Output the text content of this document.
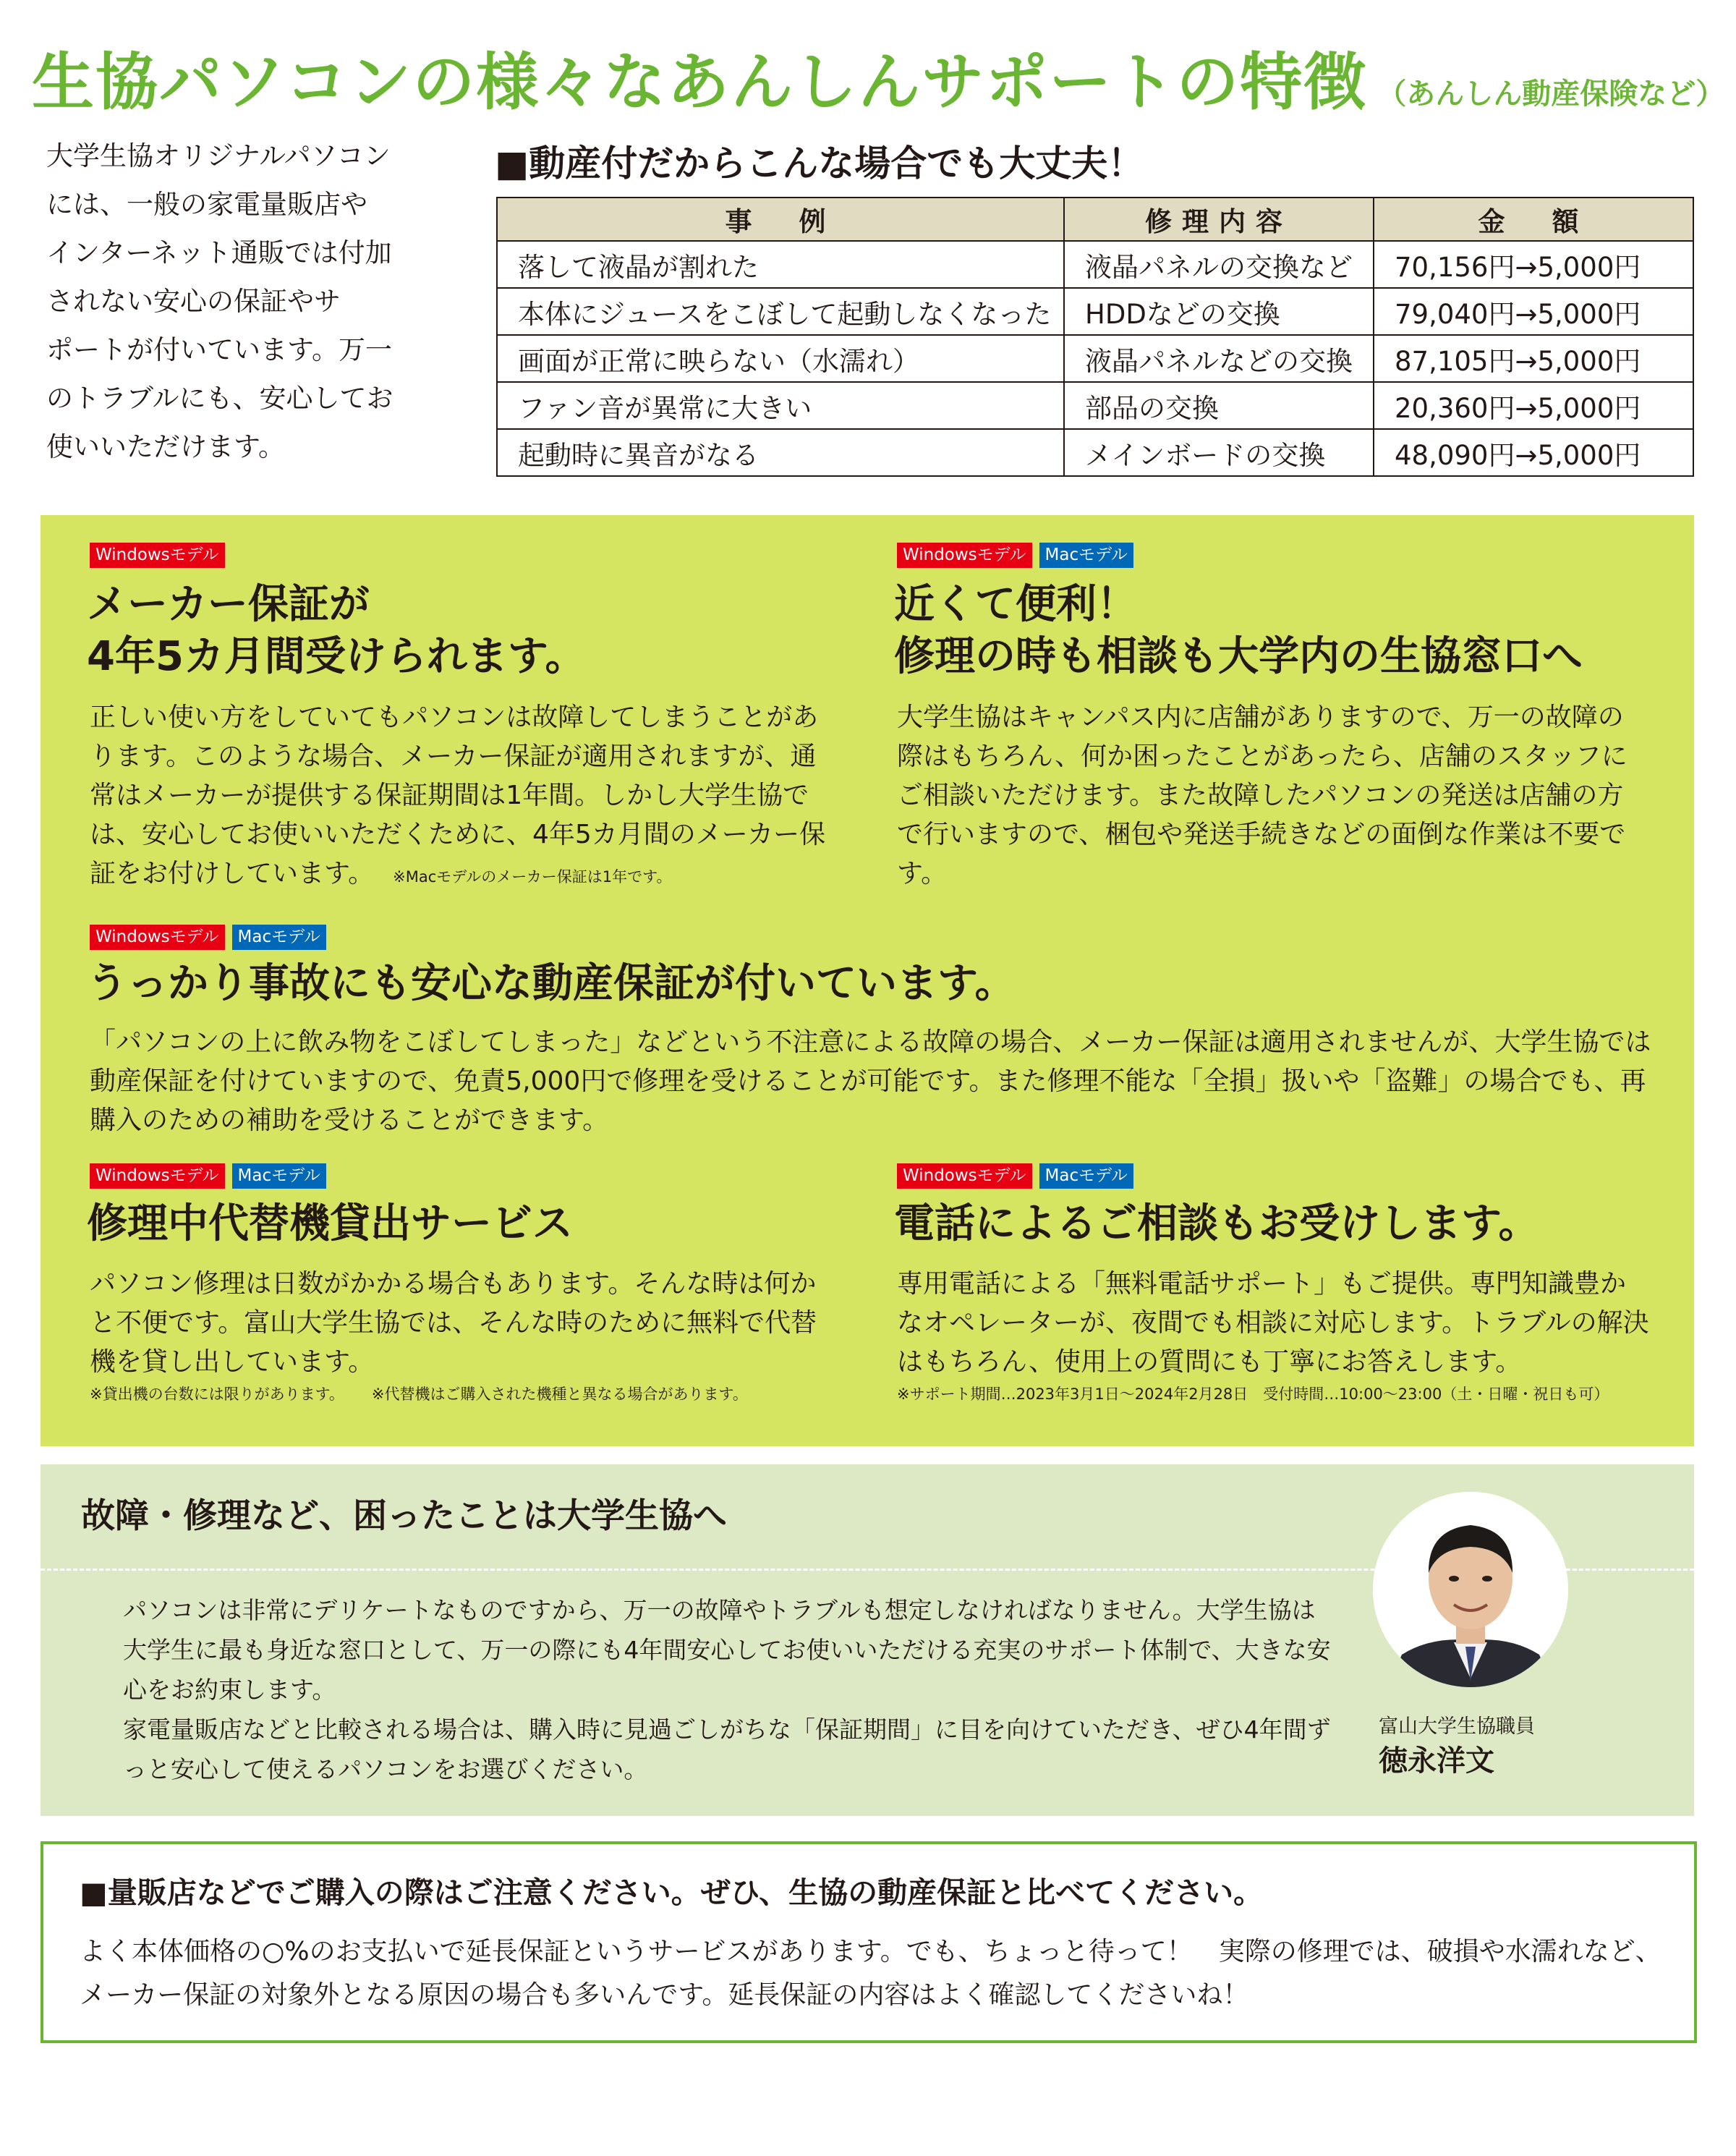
生協パソコンの様々なあんしんサポートの特徴 （あんしん動産保険など）
大学生協オリジナルパソコン
には、一般の家電量販店や
インターネット通販では付加
されない安心の保証やサ
ポートが付いています。万一
のトラブルにも、安心してお
使いいただけます。
■動産付だからこんな場合でも大丈夫！
事　例	修理内容	金　額
落して液晶が割れた	液晶パネルの交換など	70,156円→5,000円
本体にジュースをこぼして起動しなくなった	HDDなどの交換	79,040円→5,000円
画面が正常に映らない（水濡れ）	液晶パネルなどの交換	87,105円→5,000円
ファン音が異常に大きい	部品の交換	20,360円→5,000円
起動時に異音がなる	メインボードの交換	48,090円→5,000円
Windowsモデル
メーカー保証が
4年5カ月間受けられます。
正しい使い方をしていてもパソコンは故障してしまうことがあります。このような場合、メーカー保証が適用されますが、通常はメーカーが提供する保証期間は1年間。しかし大学生協では、安心してお使いいただくために、4年5カ月間のメーカー保証をお付けしています。 ※Macモデルのメーカー保証は1年です。
Windowsモデル	Macモデル
近くて便利！
修理の時も相談も大学内の生協窓口へ
大学生協はキャンパス内に店舗がありますので、万一の故障の際はもちろん、何か困ったことがあったら、店舗のスタッフにご相談いただけます。また故障したパソコンの発送は店舗の方で行いますので、梱包や発送手続きなどの面倒な作業は不要です。
Windowsモデル	Macモデル
うっかり事故にも安心な動産保証が付いています。
「パソコンの上に飲み物をこぼしてしまった」などという不注意による故障の場合、メーカー保証は適用されませんが、大学生協では動産保証を付けていますので、免責5,000円で修理を受けることが可能です。また修理不能な「全損」扱いや「盗難」の場合でも、再購入のための補助を受けることができます。
Windowsモデル	Macモデル
修理中代替機貸出サービス
パソコン修理は日数がかかる場合もあります。そんな時は何かと不便です。富山大学生協では、そんな時のために無料で代替機を貸し出しています。
※貸出機の台数には限りがあります。 ※代替機はご購入された機種と異なる場合があります。
Windowsモデル	Macモデル
電話によるご相談もお受けします。
専用電話による「無料電話サポート」もご提供。専門知識豊かなオペレーターが、夜間でも相談に対応します。トラブルの解決はもちろん、使用上の質問にも丁寧にお答えします。
※サポート期間…2023年3月1日～2024年2月28日　受付時間…10:00～23:00（土・日曜・祝日も可）
故障・修理など、困ったことは大学生協へ
パソコンは非常にデリケートなものですから、万一の故障やトラブルも想定しなければなりません。大学生協は大学生に最も身近な窓口として、万一の際にも4年間安心してお使いいただける充実のサポート体制で、大きな安心をお約束します。
家電量販店などと比較される場合は、購入時に見過ごしがちな「保証期間」に目を向けていただき、ぜひ4年間ずっと安心して使えるパソコンをお選びください。
富山大学生協職員
徳永洋文
■量販店などでご購入の際はご注意ください。ぜひ、生協の動産保証と比べてください。
よく本体価格の○%のお支払いで延長保証というサービスがあります。でも、ちょっと待って！　実際の修理では、破損や水濡れなど、メーカー保証の対象外となる原因の場合も多いんです。延長保証の内容はよく確認してくださいね！
